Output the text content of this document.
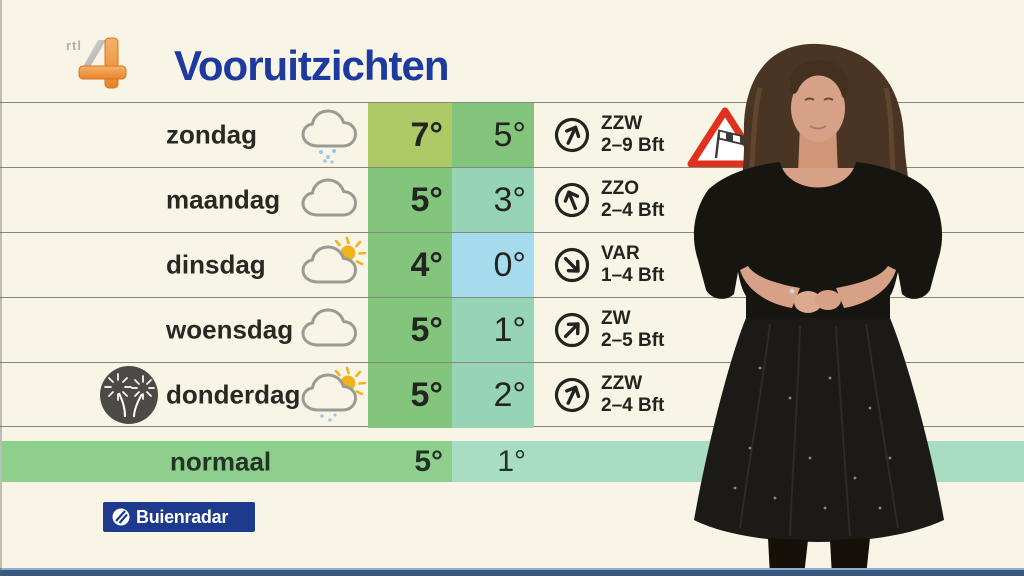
rtl Vooruitzichten
zondag	7°	5°	ZZW
2–9 Bft
maandag	5°	3°	ZZO
2–4 Bft
dinsdag	4°	0°	VAR
1–4 Bft
woensdag	5°	1°	ZW
2–5 Bft
donderdag	5°	2°	ZZW
2–4 Bft
normaal	5°	1°
Buienradar
